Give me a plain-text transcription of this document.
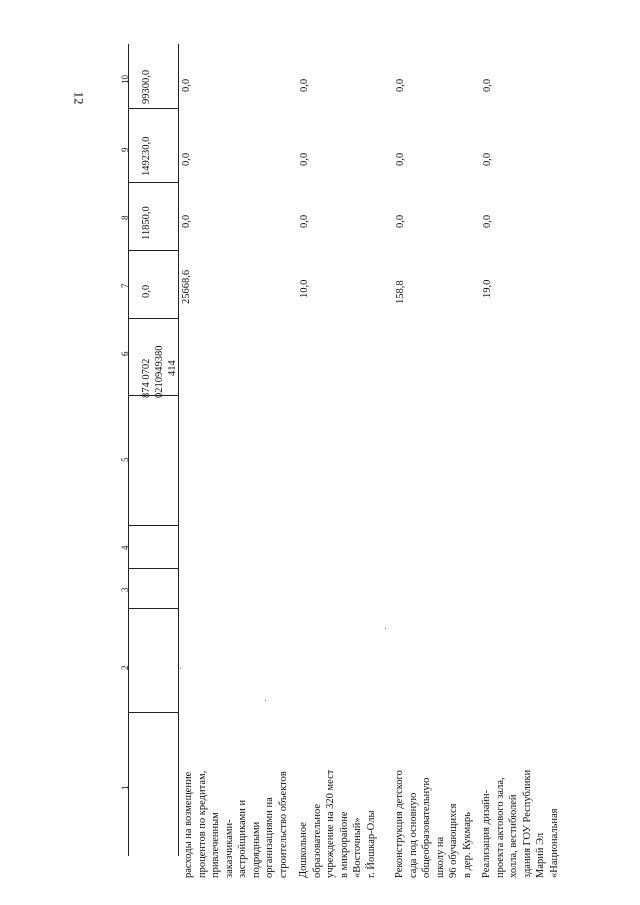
12
10
9
8
7
6
5
4
3
2
1	расходы на возмещение процентов по кредитам, привлеченным заказчиками- застройщиками и подрядными организациями на строительство объектов
874 0702 0210949380 414
0,0	25668,6
11850,0
149230,0
99300,0
0,0
0,0
0,0
Дошкольное образовательное учреждение на 320 мест в микрорайоне «Восточный» г. Йошкар-Олы
10,0
0,0
0,0
0,0
Реконструкция детского сада под основную общеобразовательную школу на 96 обучающихся в дер. Кукмарь
158,8
0,0
0,0
0,0
Реализация дизайн- проекта актового зала, холла, вестибюлей здания ГОУ Республики Марий Эл «Национальная
19,0
0,0
0,0
0,0
